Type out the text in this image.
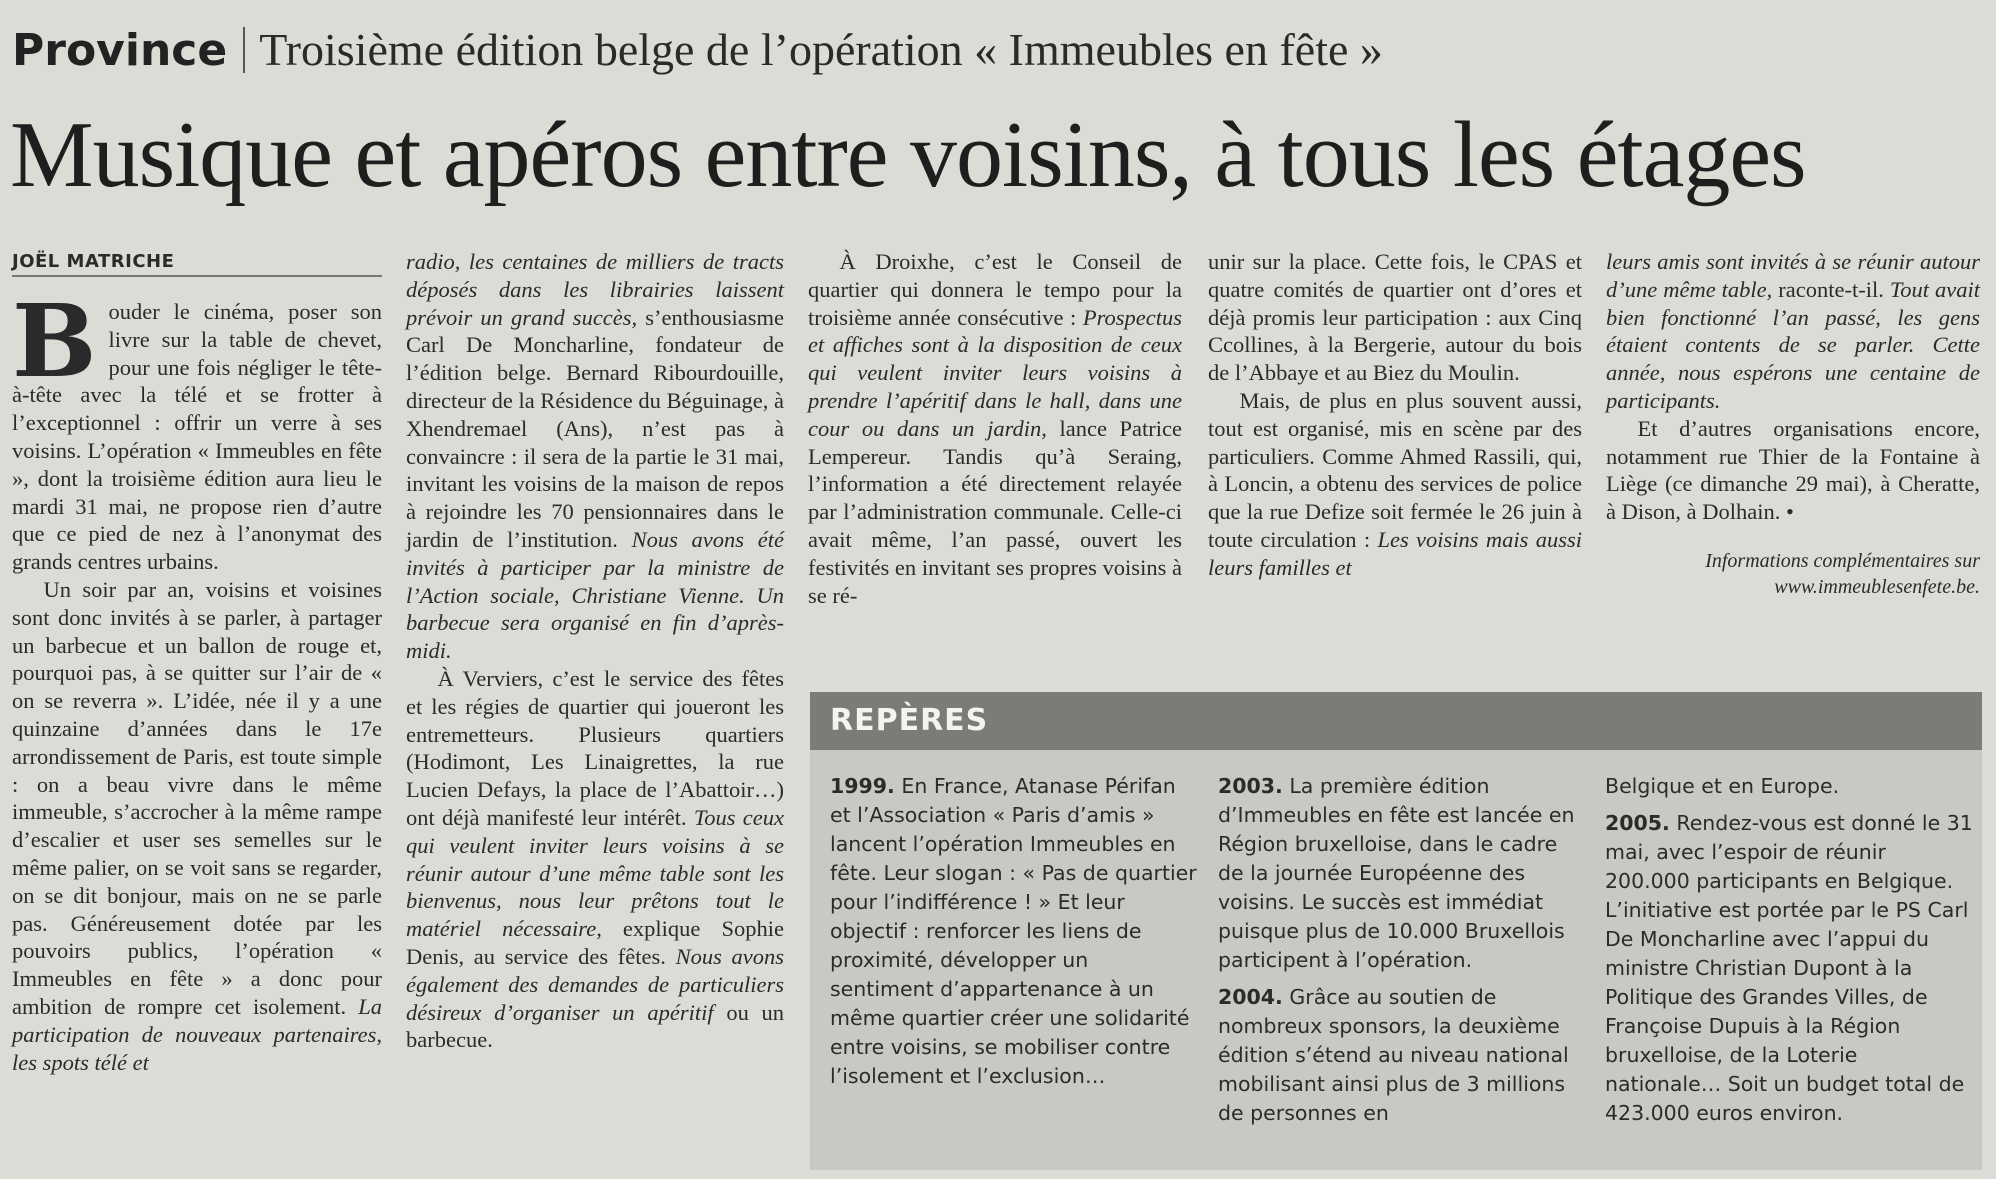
Province Troisième édition belge de l’opération « Immeubles en fête »
Musique et apéros entre voisins, à tous les étages
JOËL MATRICHE

Bouder le cinéma, poser son livre sur la table de chevet, pour une fois négliger le tête-à-tête avec la télé et se frotter à l’exceptionnel : offrir un verre à ses voisins. L’opération « Immeubles en fête », dont la troisième édition aura lieu le mardi 31 mai, ne propose rien d’autre que ce pied de nez à l’anonymat des grands centres urbains.

Un soir par an, voisins et voisines sont donc invités à se parler, à partager un barbecue et un ballon de rouge et, pourquoi pas, à se quitter sur l’air de « on se reverra ». L’idée, née il y a une quinzaine d’années dans le 17e arrondissement de Paris, est toute simple : on a beau vivre dans le même immeuble, s’accrocher à la même rampe d’escalier et user ses semelles sur le même palier, on se voit sans se regarder, on se dit bonjour, mais on ne se parle pas. Généreusement dotée par les pouvoirs publics, l’opération « Immeubles en fête » a donc pour ambition de rompre cet isolement. La participation de nouveaux partenaires, les spots télé et

radio, les centaines de milliers de tracts déposés dans les librairies laissent prévoir un grand succès, s’enthousiasme Carl De Moncharline, fondateur de l’édition belge. Bernard Ribourdouille, directeur de la Résidence du Béguinage, à Xhendremael (Ans), n’est pas à convaincre : il sera de la partie le 31 mai, invitant les voisins de la maison de repos à rejoindre les 70 pensionnaires dans le jardin de l’institution. Nous avons été invités à participer par la ministre de l’Action sociale, Christiane Vienne. Un barbecue sera organisé en fin d’après-midi.

À Verviers, c’est le service des fêtes et les régies de quartier qui joueront les entremetteurs. Plusieurs quartiers (Hodimont, Les Linaigrettes, la rue Lucien Defays, la place de l’Abattoir…) ont déjà manifesté leur intérêt. Tous ceux qui veulent inviter leurs voisins à se réunir autour d’une même table sont les bienvenus, nous leur prêtons tout le matériel nécessaire, explique Sophie Denis, au service des fêtes. Nous avons également des demandes de particuliers désireux d’organiser un apéritif ou un barbecue.

À Droixhe, c’est le Conseil de quartier qui donnera le tempo pour la troisième année consécutive : Prospectus et affiches sont à la disposition de ceux qui veulent inviter leurs voisins à prendre l’apéritif dans le hall, dans une cour ou dans un jardin, lance Patrice Lempereur. Tandis qu’à Seraing, l’information a été directement relayée par l’administration communale. Celle-ci avait même, l’an passé, ouvert les festivités en invitant ses propres voisins à se ré-

unir sur la place. Cette fois, le CPAS et quatre comités de quartier ont d’ores et déjà promis leur participation : aux Cinq Ccollines, à la Bergerie, autour du bois de l’Abbaye et au Biez du Moulin.

Mais, de plus en plus souvent aussi, tout est organisé, mis en scène par des particuliers. Comme Ahmed Rassili, qui, à Loncin, a obtenu des services de police que la rue Defize soit fermée le 26 juin à toute circulation : Les voisins mais aussi leurs familles et

leurs amis sont invités à se réunir autour d’une même table, raconte-t-il. Tout avait bien fonctionné l’an passé, les gens étaient contents de se parler. Cette année, nous espérons une centaine de participants.

Et d’autres organisations encore, notamment rue Thier de la Fontaine à Liège (ce dimanche 29 mai), à Cheratte, à Dison, à Dolhain. •

Informations complémentaires sur www.immeublesenfete.be.
REPÈRES

1999. En France, Atanase Périfan et l’Association « Paris d’amis » lancent l’opération Immeubles en fête. Leur slogan : « Pas de quartier pour l’indifférence ! » Et leur objectif : renforcer les liens de proximité, développer un sentiment d’appartenance à un même quartier créer une solidarité entre voisins, se mobiliser contre l’isolement et l’exclusion…

2003. La première édition d’Immeubles en fête est lancée en Région bruxelloise, dans le cadre de la journée Européenne des voisins. Le succès est immédiat puisque plus de 10.000 Bruxellois participent à l’opération.

2004. Grâce au soutien de nombreux sponsors, la deuxième édition s’étend au niveau national mobilisant ainsi plus de 3 millions de personnes en

Belgique et en Europe.

2005. Rendez-vous est donné le 31 mai, avec l’espoir de réunir 200.000 participants en Belgique. L’initiative est portée par le PS Carl De Moncharline avec l’appui du ministre Christian Dupont à la Politique des Grandes Villes, de Françoise Dupuis à la Région bruxelloise, de la Loterie nationale… Soit un budget total de 423.000 euros environ.
